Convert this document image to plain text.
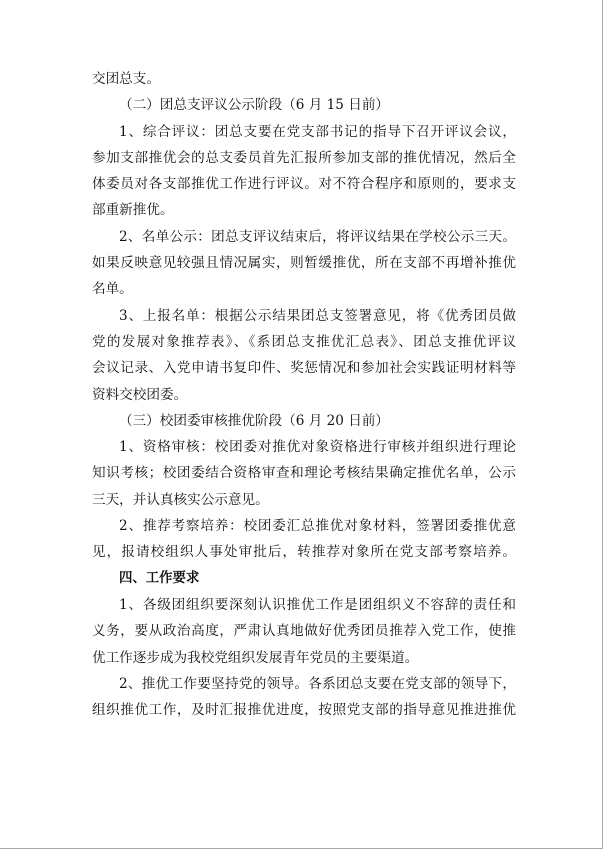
交团总支。
（二）团总支评议公示阶段（6 月 15 日前）
1、综合评议：团总支要在党支部书记的指导下召开评议会议，
参加支部推优会的总支委员首先汇报所参加支部的推优情况，然后全
体委员对各支部推优工作进行评议。对不符合程序和原则的，要求支
部重新推优。
2、名单公示：团总支评议结束后，将评议结果在学校公示三天。
如果反映意见较强且情况属实，则暂缓推优，所在支部不再增补推优
名单。
3、上报名单：根据公示结果团总支签署意见，将《优秀团员做
党的发展对象推荐表》、《系团总支推优汇总表》、团总支推优评议
会议记录、入党申请书复印件、奖惩情况和参加社会实践证明材料等
资料交校团委。
（三）校团委审核推优阶段（6 月 20 日前）
1、资格审核：校团委对推优对象资格进行审核并组织进行理论
知识考核；校团委结合资格审查和理论考核结果确定推优名单，公示
三天，并认真核实公示意见。
2、推荐考察培养：校团委汇总推优对象材料，签署团委推优意
见，报请校组织人事处审批后，转推荐对象所在党支部考察培养。
四、工作要求
1、各级团组织要深刻认识推优工作是团组织义不容辞的责任和
义务，要从政治高度，严肃认真地做好优秀团员推荐入党工作，使推
优工作逐步成为我校党组织发展青年党员的主要渠道。
2、推优工作要坚持党的领导。各系团总支要在党支部的领导下，
组织推优工作，及时汇报推优进度，按照党支部的指导意见推进推优
